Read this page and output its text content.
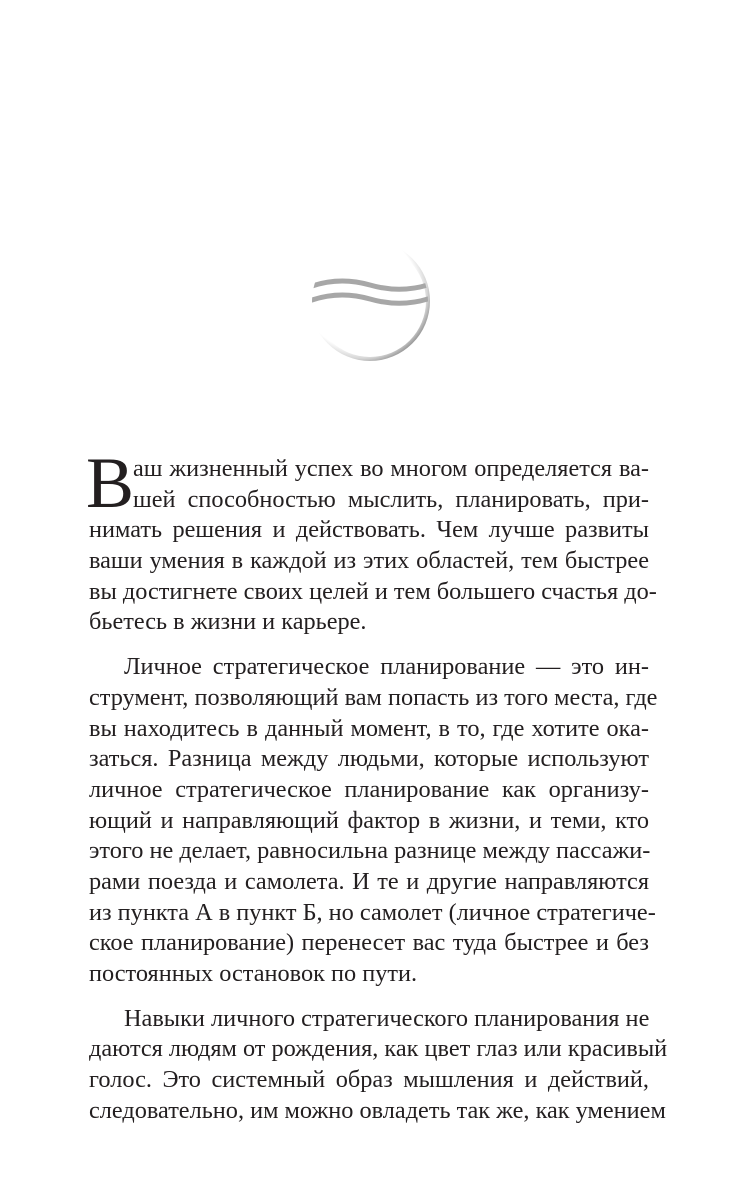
В
аш жизненный успех во многом определяется ва-
шей способностью мыслить, планировать, при-
нимать решения и действовать. Чем лучше развиты
ваши умения в каждой из этих областей, тем быстрее
вы достигнете своих целей и тем большего счастья до-
бьетесь в жизни и карьере.
Личное стратегическое планирование — это ин-
струмент, позволяющий вам попасть из того места, где
вы находитесь в данный момент, в то, где хотите ока-
заться. Разница между людьми, которые используют
личное стратегическое планирование как организу-
ющий и направляющий фактор в жизни, и теми, кто
этого не делает, равносильна разнице между пассажи-
рами поезда и самолета. И те и другие направляются
из пункта А в пункт Б, но самолет (личное стратегиче-
ское планирование) перенесет вас туда быстрее и без
постоянных остановок по пути.
Навыки личного стратегического планирования не
даются людям от рождения, как цвет глаз или красивый
голос. Это системный образ мышления и действий,
следовательно, им можно овладеть так же, как умением
